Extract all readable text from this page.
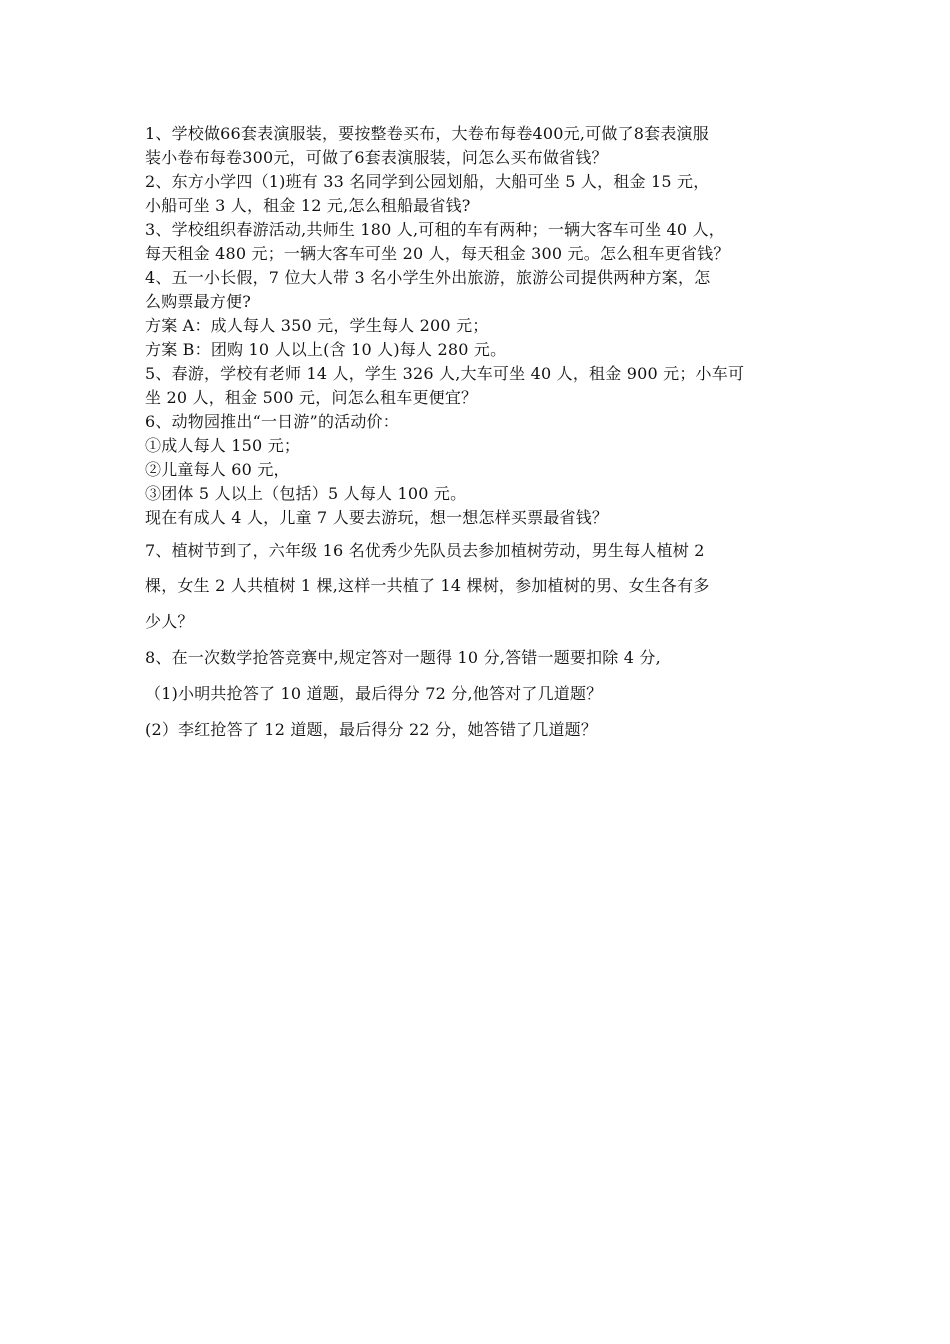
1、学校做66套表演服装，要按整卷买布，大卷布每卷400元,可做了8套表演服
装小卷布每卷300元，可做了6套表演服装，问怎么买布做省钱？
2、东方小学四（1)班有 33 名同学到公园划船，大船可坐 5 人，租金 15 元，
小船可坐 3 人，租金 12 元,怎么租船最省钱?
3、学校组织春游活动,共师生 180 人,可租的车有两种；一辆大客车可坐 40 人，
每天租金 480 元；一辆大客车可坐 20 人，每天租金 300 元。怎么租车更省钱？
4、五一小长假，7 位大人带 3 名小学生外出旅游，旅游公司提供两种方案，怎
么购票最方便?
方案 A：成人每人 350 元，学生每人 200 元；
方案 B：团购 10 人以上(含 10 人)每人 280 元。
5、春游，学校有老师 14 人，学生 326 人,大车可坐 40 人，租金 900 元；小车可
坐 20 人，租金 500 元，问怎么租车更便宜？
6、动物园推出“一日游”的活动价：
①成人每人 150 元；
②儿童每人 60 元，
③团体 5 人以上（包括）5 人每人 100 元。
现在有成人 4 人，儿童 7 人要去游玩，想一想怎样买票最省钱？
7、植树节到了，六年级 16 名优秀少先队员去参加植树劳动，男生每人植树 2
棵，女生 2 人共植树 1 棵,这样一共植了 14 棵树，参加植树的男、女生各有多
少人？
8、在一次数学抢答竞赛中,规定答对一题得 10 分,答错一题要扣除 4 分,
（1)小明共抢答了 10 道题，最后得分 72 分,他答对了几道题？
(2）李红抢答了 12 道题，最后得分 22 分，她答错了几道题？
